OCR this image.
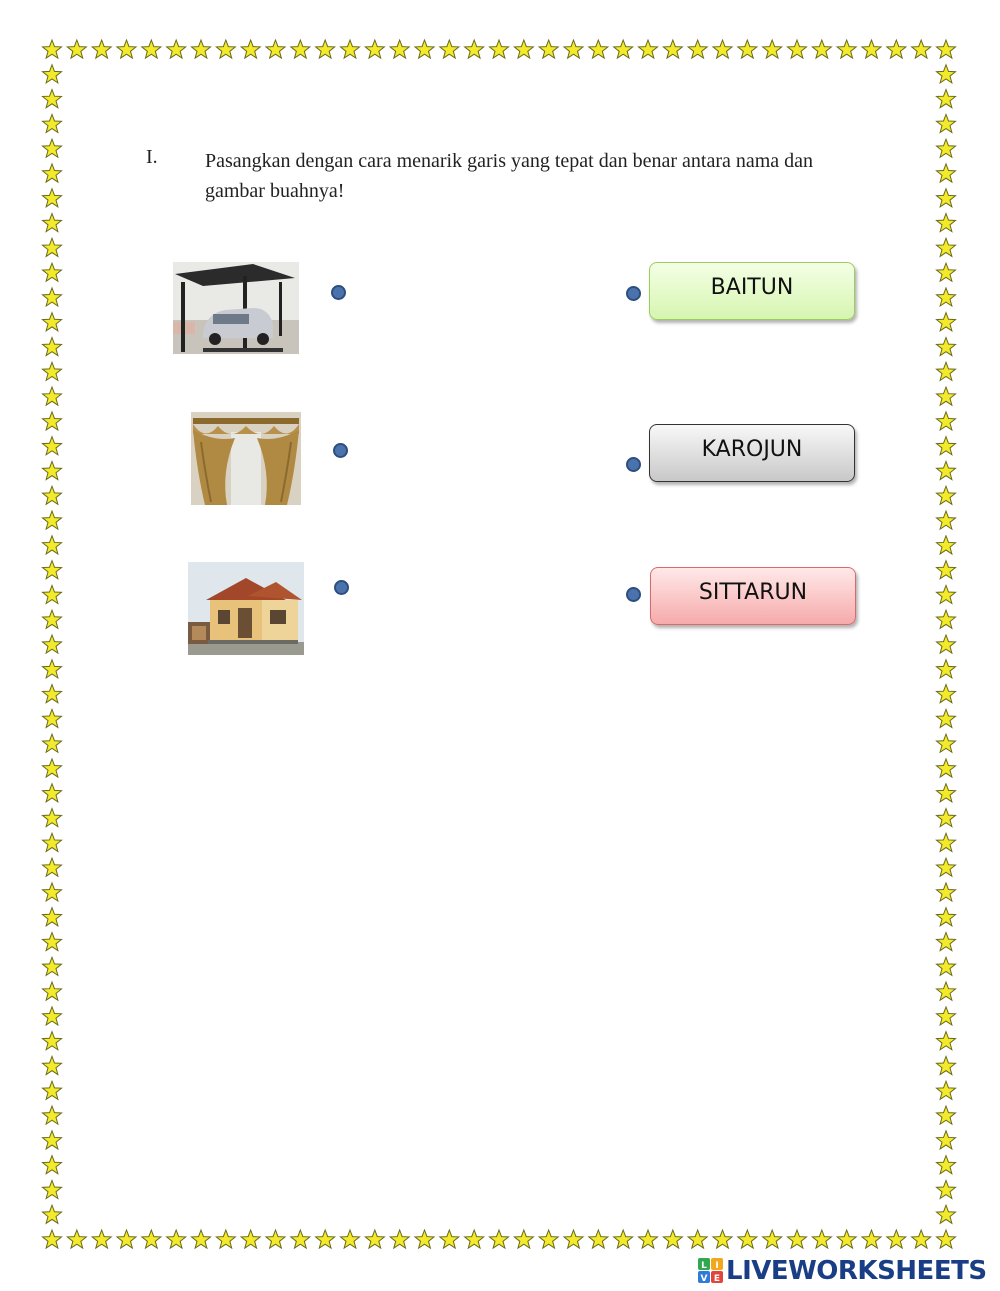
I. Pasangkan dengan cara menarik garis yang tepat dan benar antara nama dan gambar buahnya!
BAITUN
KAROJUN
SITTARUN
L I
V E LIVEWORKSHEETS
